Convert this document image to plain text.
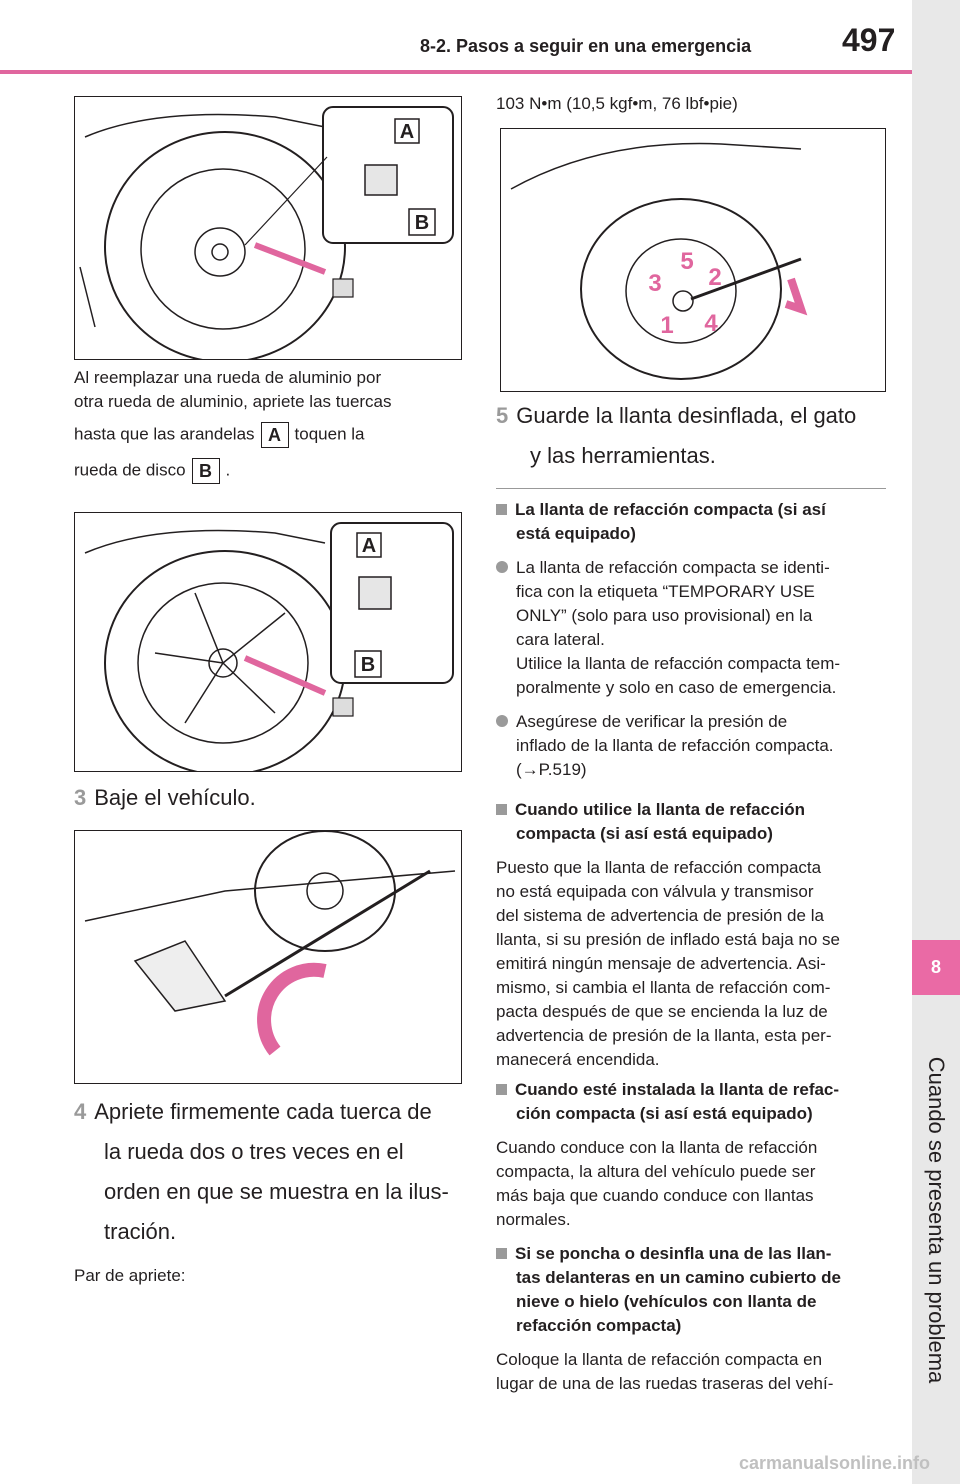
8-2. Pasos a seguir en una emergencia	497
8
Cuando se presenta un problema
A
B
Al reemplazar una rueda de aluminio por
otra rueda de aluminio, apriete las tuercas
hasta que las arandelas A toquen la
rueda de disco B .
A
B
3 Baje el vehículo.
4 Apriete firmemente cada tuerca de
la rueda dos o tres veces en el
orden en que se muestra en la ilus-
tración.
Par de apriete:
103 N•m (10,5 kgf•m, 76 lbf•pie)
5
2
3
1 4
5 Guarde la llanta desinflada, el gato
y las herramientas.
La llanta de refacción compacta (si así
está equipado)
La llanta de refacción compacta se identi-
fica con la etiqueta “TEMPORARY USE
ONLY” (solo para uso provisional) en la
cara lateral.
Utilice la llanta de refacción compacta tem-
poralmente y solo en caso de emergencia.
Asegúrese de verificar la presión de
inflado de la llanta de refacción compacta.
(→P.519)
Cuando utilice la llanta de refacción
compacta (si así está equipado)
Puesto que la llanta de refacción compacta
no está equipada con válvula y transmisor
del sistema de advertencia de presión de la
llanta, si su presión de inflado está baja no se
emitirá ningún mensaje de advertencia. Asi-
mismo, si cambia el llanta de refacción com-
pacta después de que se encienda la luz de
advertencia de presión de la llanta, esta per-
manecerá encendida.
Cuando esté instalada la llanta de refac-
ción compacta (si así está equipado)
Cuando conduce con la llanta de refacción
compacta, la altura del vehículo puede ser
más baja que cuando conduce con llantas
normales.
Si se poncha o desinfla una de las llan-
tas delanteras en un camino cubierto de
nieve o hielo (vehículos con llanta de
refacción compacta)
Coloque la llanta de refacción compacta en
lugar de una de las ruedas traseras del vehí-
carmanualsonline.info
